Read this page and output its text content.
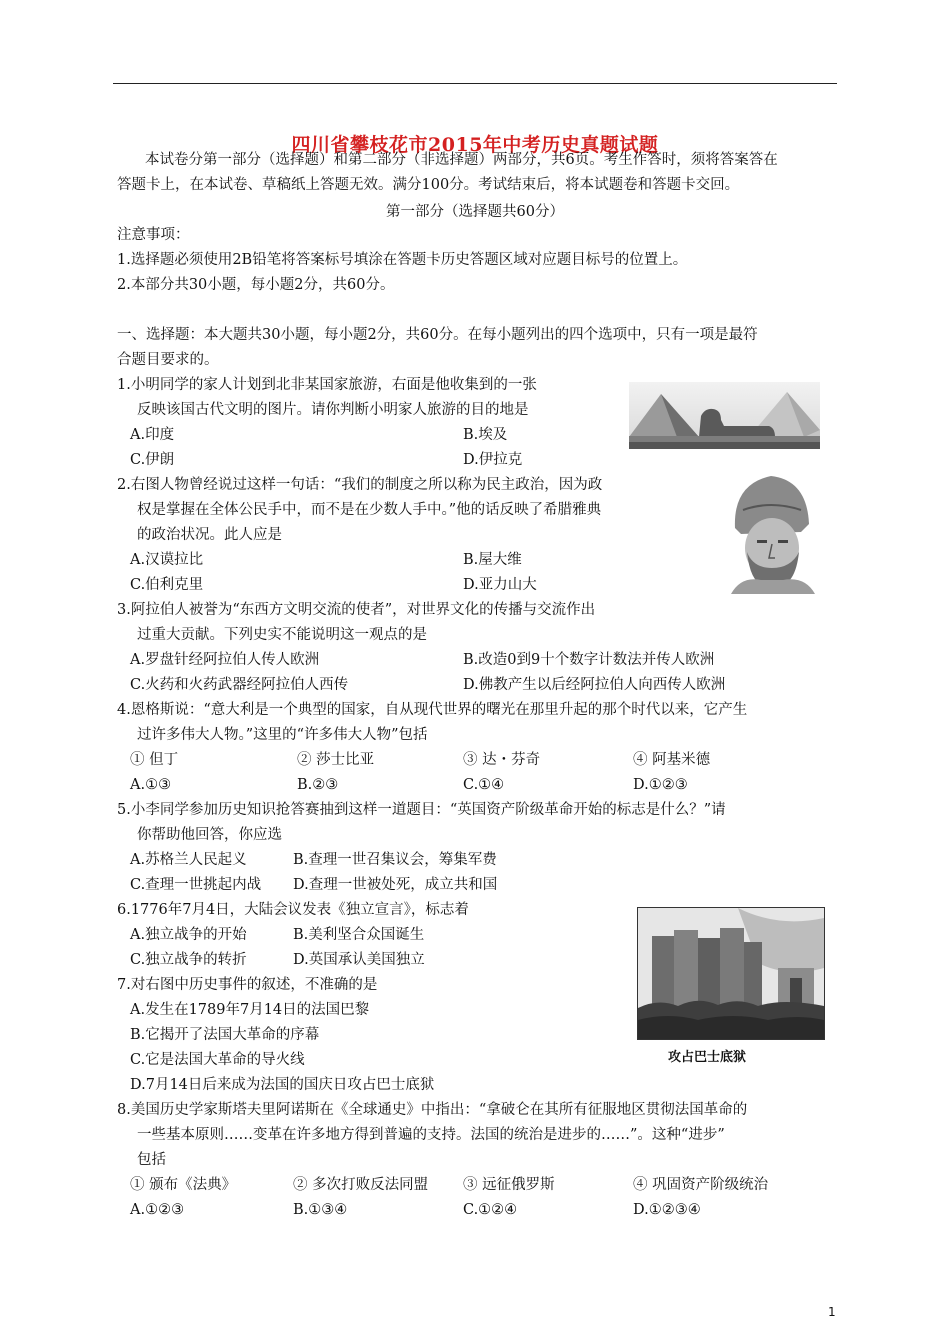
四川省攀枝花市2015年中考历史真题试题
本试卷分第一部分（选择题）和第二部分（非选择题）两部分，共6页。考生作答时，须将答案答在
答题卡上，在本试卷、草稿纸上答题无效。满分100分。考试结束后，将本试题卷和答题卡交回。
第一部分（选择题共60分）
注意事项：
1.选择题必须使用2B铅笔将答案标号填涂在答题卡历史答题区域对应题目标号的位置上。
2.本部分共30小题，每小题2分，共60分。
一、选择题：本大题共30小题，每小题2分，共60分。在每小题列出的四个选项中，只有一项是最符
合题目要求的。
1.小明同学的家人计划到北非某国家旅游，右面是他收集到的一张
反映该国古代文明的图片。请你判断小明家人旅游的目的地是
A.印度	B.埃及
C.伊朗	D.伊拉克
2.右图人物曾经说过这样一句话：“我们的制度之所以称为民主政治，因为政
权是掌握在全体公民手中，而不是在少数人手中。”他的话反映了希腊雅典
的政治状况。此人应是
A.汉谟拉比	B.屋大维
C.伯利克里	D.亚力山大
3.阿拉伯人被誉为“东西方文明交流的使者”，对世界文化的传播与交流作出
过重大贡献。下列史实不能说明这一观点的是
A.罗盘针经阿拉伯人传人欧洲	B.改造0到9十个数字计数法并传人欧洲
C.火药和火药武器经阿拉伯人西传	D.佛教产生以后经阿拉伯人向西传人欧洲
4.恩格斯说：“意大利是一个典型的国家，自从现代世界的曙光在那里升起的那个时代以来，它产生
过许多伟大人物。”这里的“许多伟大人物”包括
① 但丁	② 莎士比亚	③ 达・芬奇	④ 阿基米德
A.①③	B.②③	C.①④	D.①②③
5.小李同学参加历史知识抢答赛抽到这样一道题目：“英国资产阶级革命开始的标志是什么？”请
你帮助他回答，你应选
A.苏格兰人民起义	B.查理一世召集议会，筹集军费
C.查理一世挑起内战 D.查理一世被处死，成立共和国
6.1776年7月4日，大陆会议发表《独立宣言》，标志着
A.独立战争的开始	B.美利坚合众国诞生
C.独立战争的转折	D.英国承认美国独立
7.对右图中历史事件的叙述，不准确的是
A.发生在1789年7月14日的法国巴黎
B.它揭开了法国大革命的序幕
C.它是法国大革命的导火线
D.7月14日后来成为法国的国庆日攻占巴士底狱
攻占巴士底狱
8.美国历史学家斯塔夫里阿诺斯在《全球通史》中指出：“拿破仑在其所有征服地区贯彻法国革命的
一些基本原则……变革在许多地方得到普遍的支持。法国的统治是进步的……”。这种“进步”
包括
① 颁布《法典》	② 多次打败反法同盟 ③ 远征俄罗斯	④ 巩固资产阶级统治
A.①②③	B.①③④	C.①②④	D.①②③④
1
